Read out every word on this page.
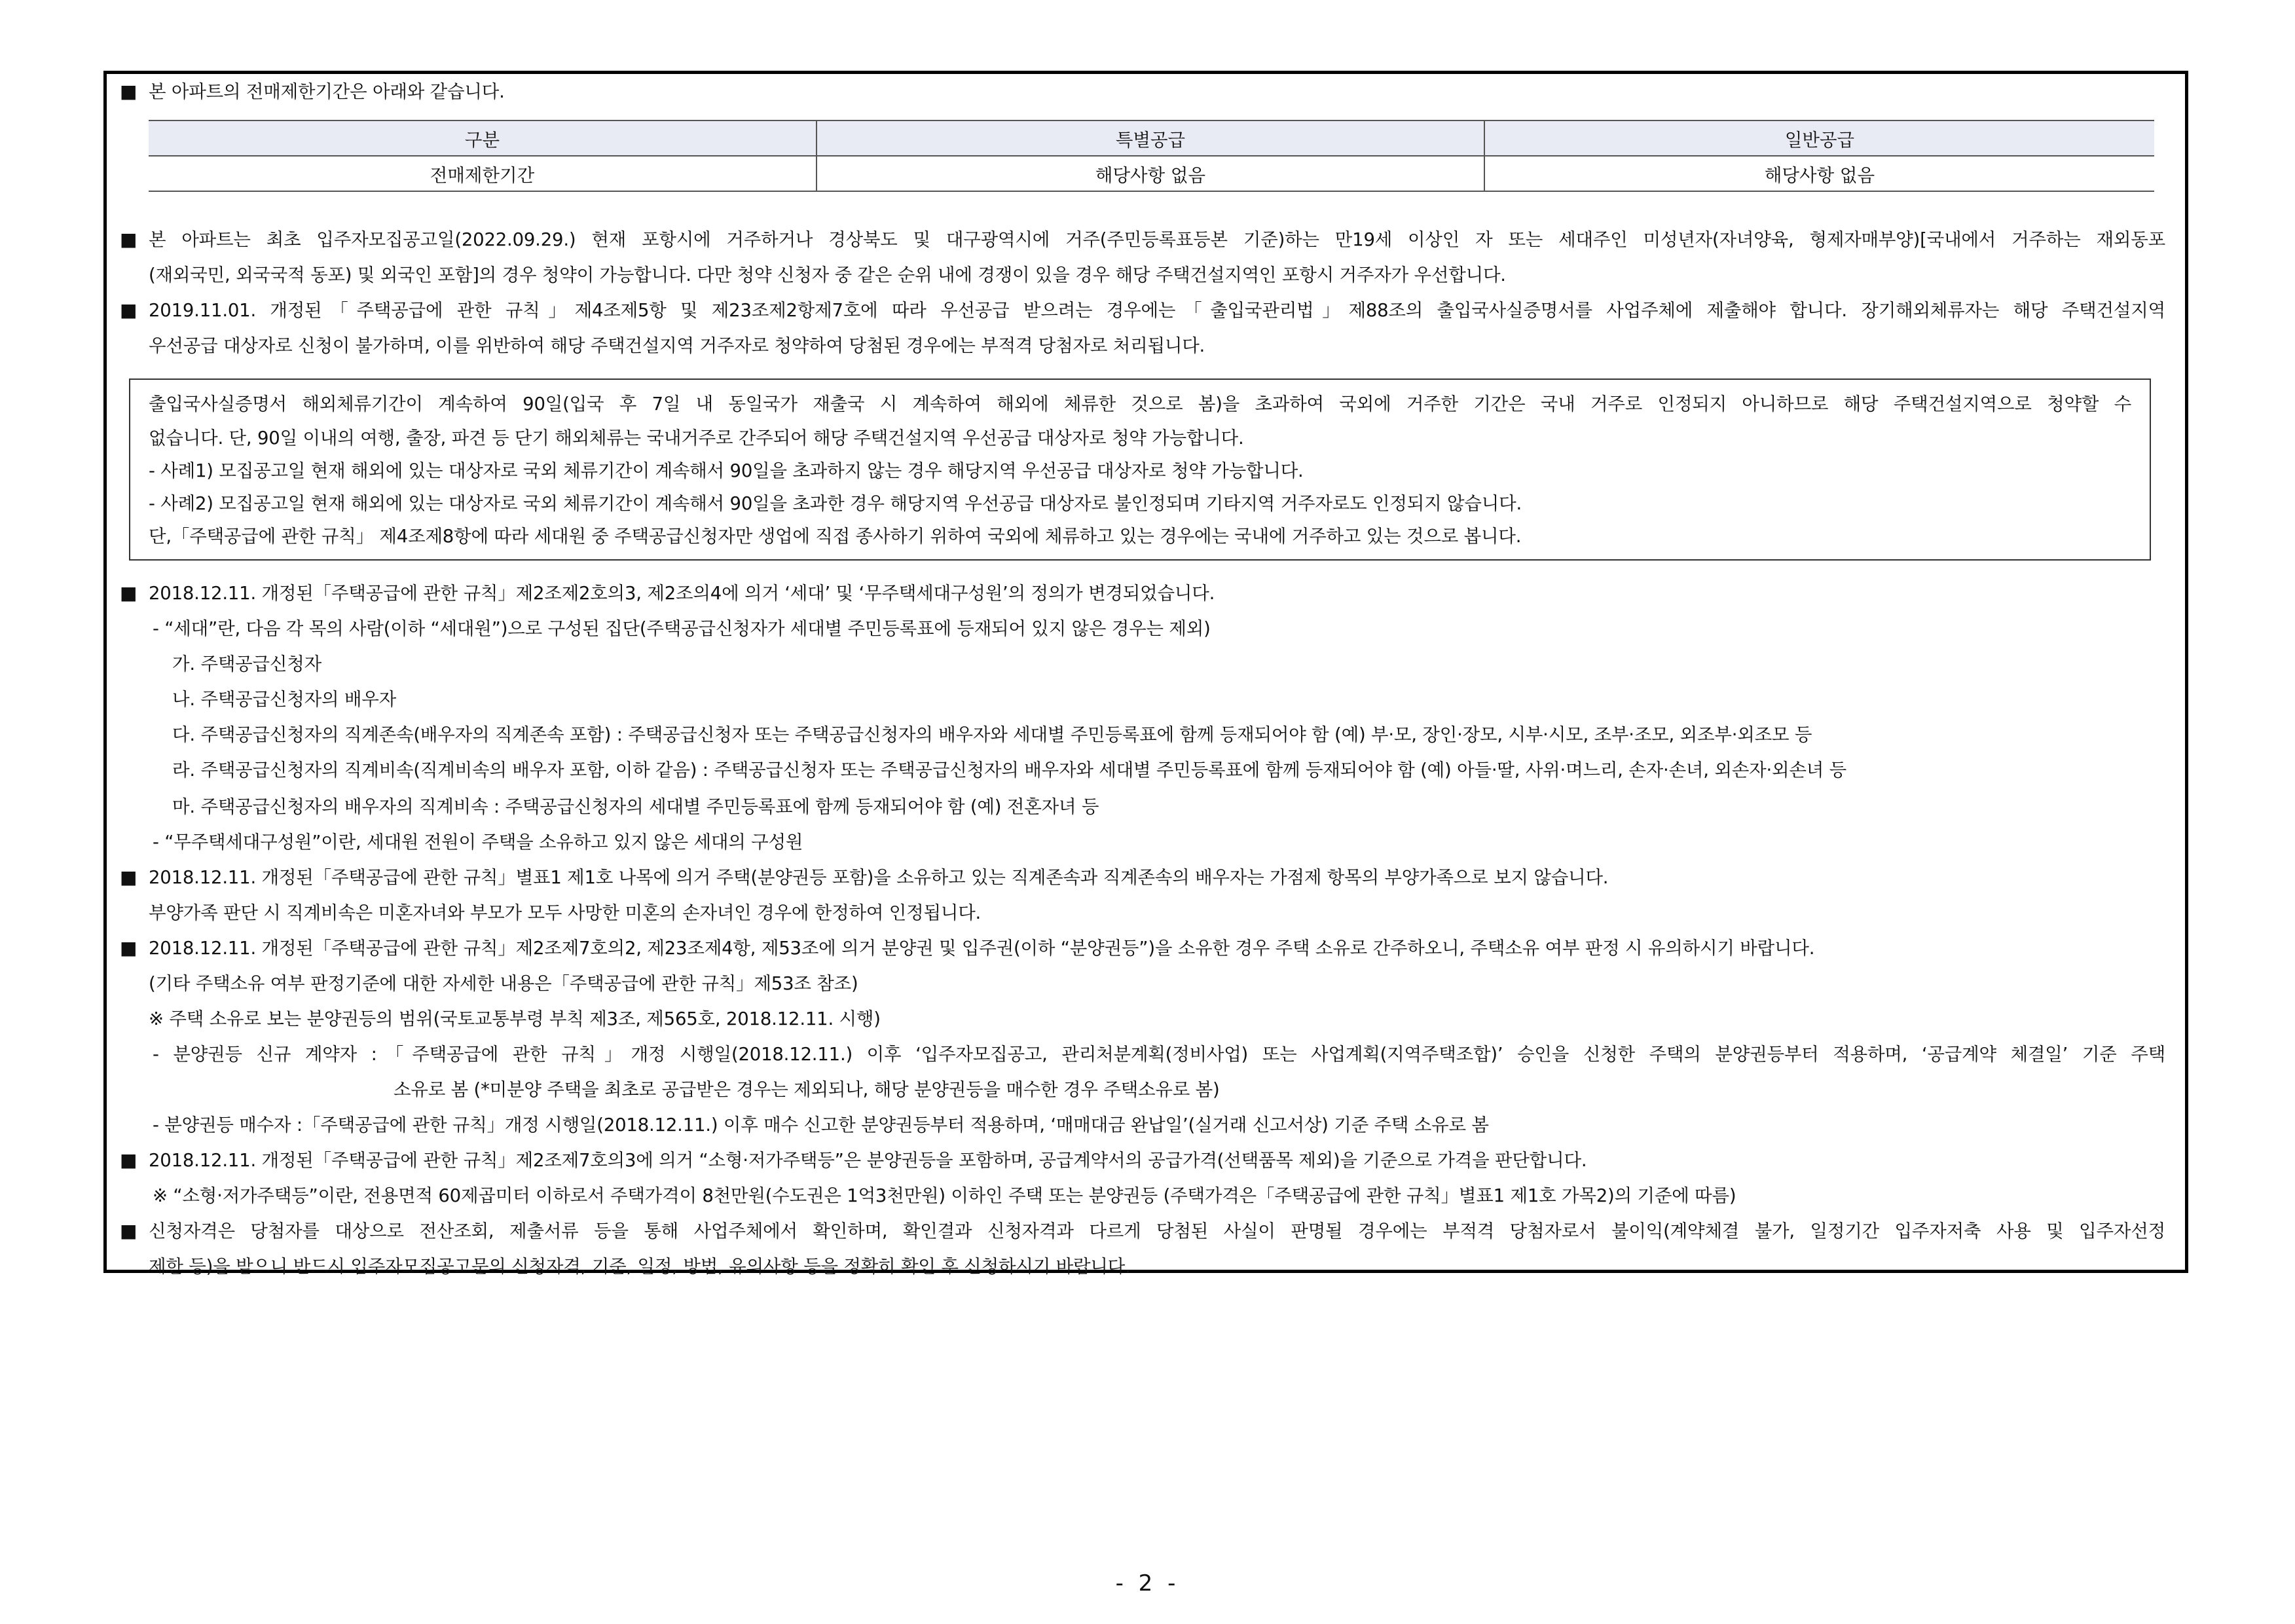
■ 본 아파트의 전매제한기간은 아래와 같습니다.
구분	특별공급	일반공급
전매제한기간	해당사항 없음	해당사항 없음
■ 본 아파트는 최초 입주자모집공고일(2022.09.29.) 현재 포항시에 거주하거나 경상북도 및 대구광역시에 거주(주민등록표등본 기준)하는 만19세 이상인 자 또는 세대주인 미성년자(자녀양육, 형제자매부양)[국내에서 거주하는 재외동포
(재외국민, 외국국적 동포) 및 외국인 포함]의 경우 청약이 가능합니다. 다만 청약 신청자 중 같은 순위 내에 경쟁이 있을 경우 해당 주택건설지역인 포항시 거주자가 우선합니다.
■ 2019.11.01. 개정된「주택공급에 관한 규칙」제4조제5항 및 제23조제2항제7호에 따라 우선공급 받으려는 경우에는「출입국관리법」제88조의 출입국사실증명서를 사업주체에 제출해야 합니다. 장기해외체류자는 해당 주택건설지역
우선공급 대상자로 신청이 불가하며, 이를 위반하여 해당 주택건설지역 거주자로 청약하여 당첨된 경우에는 부적격 당첨자로 처리됩니다.
출입국사실증명서 해외체류기간이 계속하여 90일(입국 후 7일 내 동일국가 재출국 시 계속하여 해외에 체류한 것으로 봄)을 초과하여 국외에 거주한 기간은 국내 거주로 인정되지 아니하므로 해당 주택건설지역으로 청약할 수
없습니다. 단, 90일 이내의 여행, 출장, 파견 등 단기 해외체류는 국내거주로 간주되어 해당 주택건설지역 우선공급 대상자로 청약 가능합니다.
- 사례1) 모집공고일 현재 해외에 있는 대상자로 국외 체류기간이 계속해서 90일을 초과하지 않는 경우 해당지역 우선공급 대상자로 청약 가능합니다.
- 사례2) 모집공고일 현재 해외에 있는 대상자로 국외 체류기간이 계속해서 90일을 초과한 경우 해당지역 우선공급 대상자로 불인정되며 기타지역 거주자로도 인정되지 않습니다.
단,「주택공급에 관한 규칙」 제4조제8항에 따라 세대원 중 주택공급신청자만 생업에 직접 종사하기 위하여 국외에 체류하고 있는 경우에는 국내에 거주하고 있는 것으로 봅니다.
■ 2018.12.11. 개정된「주택공급에 관한 규칙」제2조제2호의3, 제2조의4에 의거 ‘세대’ 및 ‘무주택세대구성원’의 정의가 변경되었습니다.
- “세대”란, 다음 각 목의 사람(이하 “세대원”)으로 구성된 집단(주택공급신청자가 세대별 주민등록표에 등재되어 있지 않은 경우는 제외)
가. 주택공급신청자
나. 주택공급신청자의 배우자
다. 주택공급신청자의 직계존속(배우자의 직계존속 포함) : 주택공급신청자 또는 주택공급신청자의 배우자와 세대별 주민등록표에 함께 등재되어야 함 (예) 부·모, 장인·장모, 시부·시모, 조부·조모, 외조부·외조모 등
라. 주택공급신청자의 직계비속(직계비속의 배우자 포함, 이하 같음) : 주택공급신청자 또는 주택공급신청자의 배우자와 세대별 주민등록표에 함께 등재되어야 함 (예) 아들·딸, 사위·며느리, 손자·손녀, 외손자·외손녀 등
마. 주택공급신청자의 배우자의 직계비속 : 주택공급신청자의 세대별 주민등록표에 함께 등재되어야 함 (예) 전혼자녀 등
- “무주택세대구성원”이란, 세대원 전원이 주택을 소유하고 있지 않은 세대의 구성원
■ 2018.12.11. 개정된「주택공급에 관한 규칙」별표1 제1호 나목에 의거 주택(분양권등 포함)을 소유하고 있는 직계존속과 직계존속의 배우자는 가점제 항목의 부양가족으로 보지 않습니다.
부양가족 판단 시 직계비속은 미혼자녀와 부모가 모두 사망한 미혼의 손자녀인 경우에 한정하여 인정됩니다.
■ 2018.12.11. 개정된「주택공급에 관한 규칙」제2조제7호의2, 제23조제4항, 제53조에 의거 분양권 및 입주권(이하 “분양권등”)을 소유한 경우 주택 소유로 간주하오니, 주택소유 여부 판정 시 유의하시기 바랍니다.
(기타 주택소유 여부 판정기준에 대한 자세한 내용은「주택공급에 관한 규칙」제53조 참조)
※ 주택 소유로 보는 분양권등의 범위(국토교통부령 부칙 제3조, 제565호, 2018.12.11. 시행)
- 분양권등 신규 계약자 :「주택공급에 관한 규칙」개정 시행일(2018.12.11.) 이후 ‘입주자모집공고, 관리처분계획(정비사업) 또는 사업계획(지역주택조합)’ 승인을 신청한 주택의 분양권등부터 적용하며, ‘공급계약 체결일’ 기준 주택
소유로 봄 (*미분양 주택을 최초로 공급받은 경우는 제외되나, 해당 분양권등을 매수한 경우 주택소유로 봄)
- 분양권등 매수자 :「주택공급에 관한 규칙」개정 시행일(2018.12.11.) 이후 매수 신고한 분양권등부터 적용하며, ‘매매대금 완납일’(실거래 신고서상) 기준 주택 소유로 봄
■ 2018.12.11. 개정된「주택공급에 관한 규칙」제2조제7호의3에 의거 “소형·저가주택등”은 분양권등을 포함하며, 공급계약서의 공급가격(선택품목 제외)을 기준으로 가격을 판단합니다.
※ “소형·저가주택등”이란, 전용면적 60제곱미터 이하로서 주택가격이 8천만원(수도권은 1억3천만원) 이하인 주택 또는 분양권등 (주택가격은「주택공급에 관한 규칙」별표1 제1호 가목2)의 기준에 따름)
■ 신청자격은 당첨자를 대상으로 전산조회, 제출서류 등을 통해 사업주체에서 확인하며, 확인결과 신청자격과 다르게 당첨된 사실이 판명될 경우에는 부적격 당첨자로서 불이익(계약체결 불가, 일정기간 입주자저축 사용 및 입주자선정
제한 등)을 받으니 반드시 입주자모집공고문의 신청자격, 기준, 일정, 방법, 유의사항 등을 정확히 확인 후 신청하시기 바랍니다.
- 2 -
